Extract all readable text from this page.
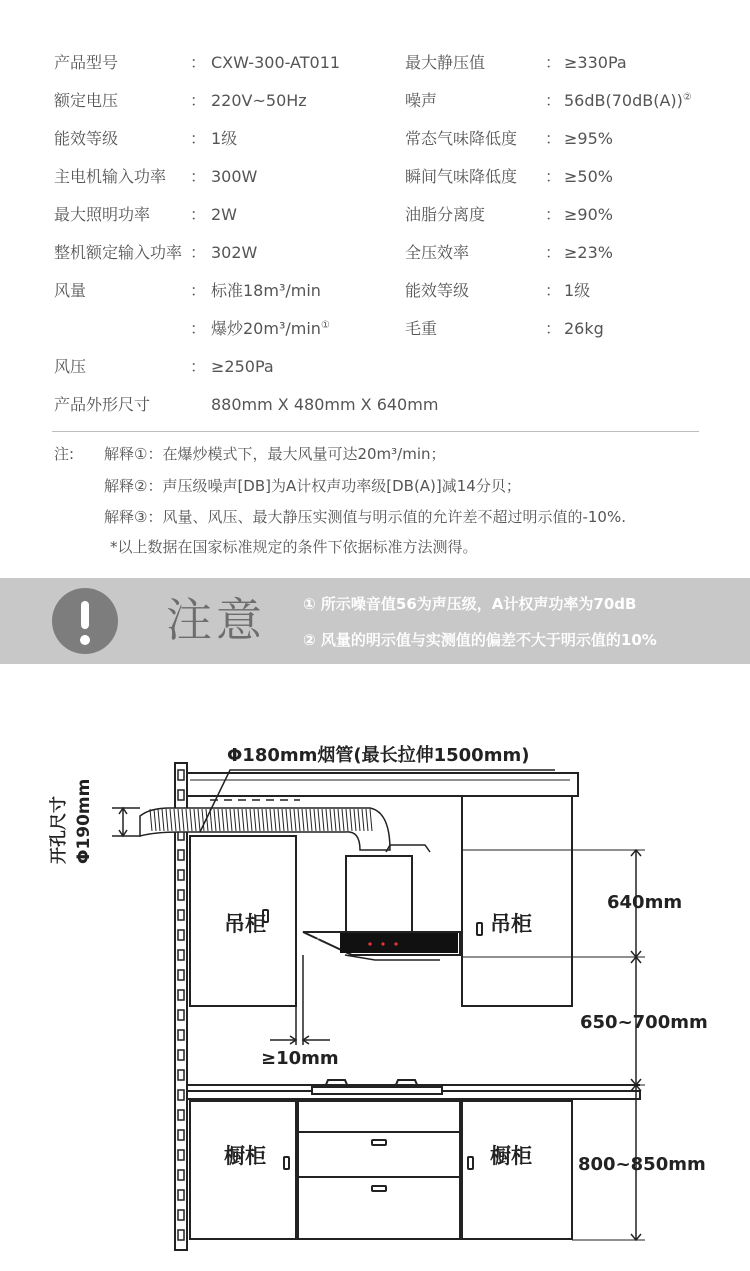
产品型号	： CXW-300-AT011	最大静压值	： ≥330Pa
额定电压	： 220V~50Hz	噪声	： 56dB(70dB(A))②
能效等级	： 1级	常态气味降低度 ： ≥95%
主电机输入功率 ： 300W	瞬间气味降低度 ： ≥50%
最大照明功率 ： 2W	油脂分离度	： ≥90%
整机额定输入功率 ： 302W	全压效率	： ≥23%
风量	： 标准18m³/min	能效等级	： 1级
： 爆炒20m³/min①	毛重	： 26kg
风压	： ≥250Pa
产品外形尺寸	880mm X 480mm X 640mm
注: 解释①：在爆炒模式下，最大风量可达20m³/min；
解释②：声压级噪声[DB]为A计权声功率级[DB(A)]减14分贝；
解释③：风量、风压、最大静压实测值与明示值的允许差不超过明示值的-10%.
*以上数据在国家标准规定的条件下依据标准方法测得。
注意 ① 所示噪音值56为声压级，A计权声功率为70dB
② 风量的明示值与实测值的偏差不大于明示值的10%
万家乐
Φ180mm烟管(最长拉伸1500mm)
开孔尺寸 Φ190mm
吊柜	吊柜
橱柜	橱柜
≥10mm
640mm
650~700mm
800~850mm
